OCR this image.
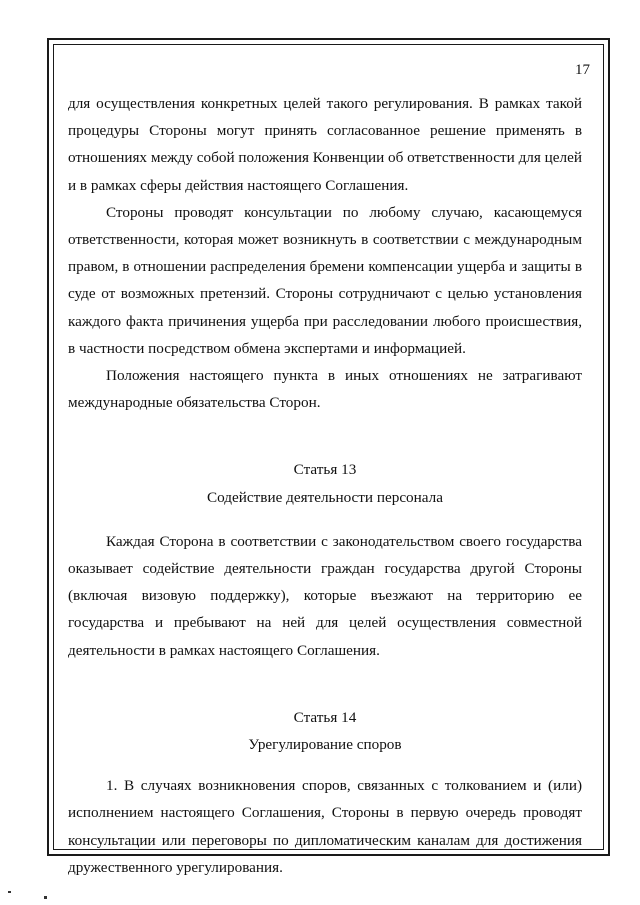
17

для осуществления конкретных целей такого регулирования. В рамках такой процедуры Стороны могут принять согласованное решение применять в отношениях между собой положения Конвенции об ответственности для целей и в рамках сферы действия настоящего Соглашения.

Стороны проводят консультации по любому случаю, касающемуся ответственности, которая может возникнуть в соответствии с международным правом, в отношении распределения бремени компенсации ущерба и защиты в суде от возможных претензий. Стороны сотрудничают с целью установления каждого факта причинения ущерба при расследовании любого происшествия, в частности посредством обмена экспертами и информацией.

Положения настоящего пункта в иных отношениях не затрагивают международные обязательства Сторон.

Статья 13

Содействие деятельности персонала

Каждая Сторона в соответствии с законодательством своего государства оказывает содействие деятельности граждан государства другой Стороны (включая визовую поддержку), которые въезжают на территорию ее государства и пребывают на ней для целей осуществления совместной деятельности в рамках настоящего Соглашения.

Статья 14

Урегулирование споров

1. В случаях возникновения споров, связанных с толкованием и (или) исполнением настоящего Соглашения, Стороны в первую очередь проводят консультации или переговоры по дипломатическим каналам для достижения дружественного урегулирования.
